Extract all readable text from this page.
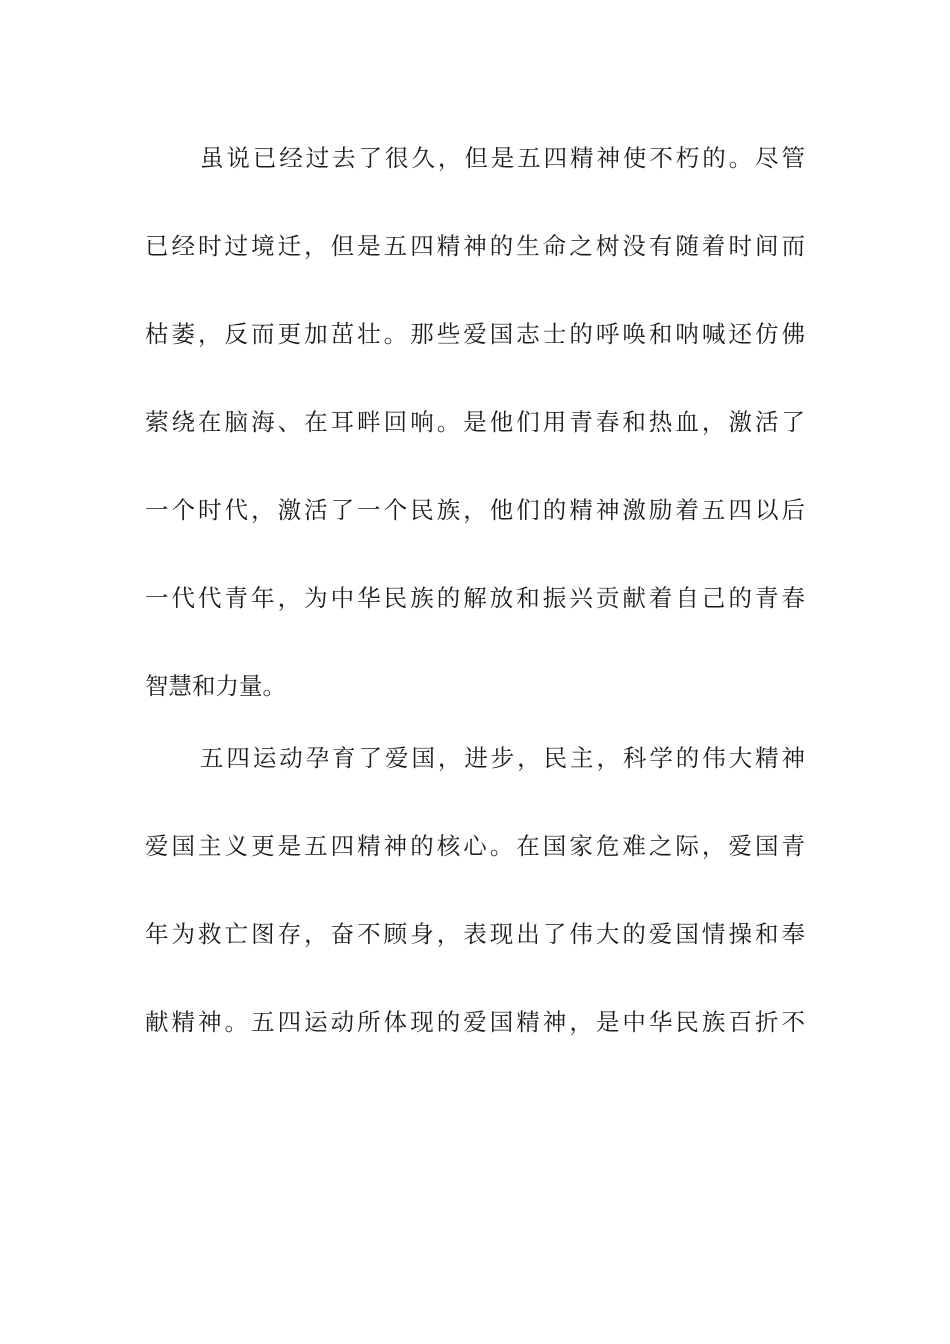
虽说已经过去了很久，但是五四精神使不朽的。尽管
已经时过境迁，但是五四精神的生命之树没有随着时间而
枯萎，反而更加茁壮。那些爱国志士的呼唤和呐喊还仿佛
萦绕在脑海、在耳畔回响。是他们用青春和热血，激活了
一个时代，激活了一个民族，他们的精神激励着五四以后
一代代青年，为中华民族的解放和振兴贡献着自己的青春
智慧和力量。
五四运动孕育了爱国，进步，民主，科学的伟大精神
爱国主义更是五四精神的核心。在国家危难之际，爱国青
年为救亡图存，奋不顾身，表现出了伟大的爱国情操和奉
献精神。五四运动所体现的爱国精神，是中华民族百折不
